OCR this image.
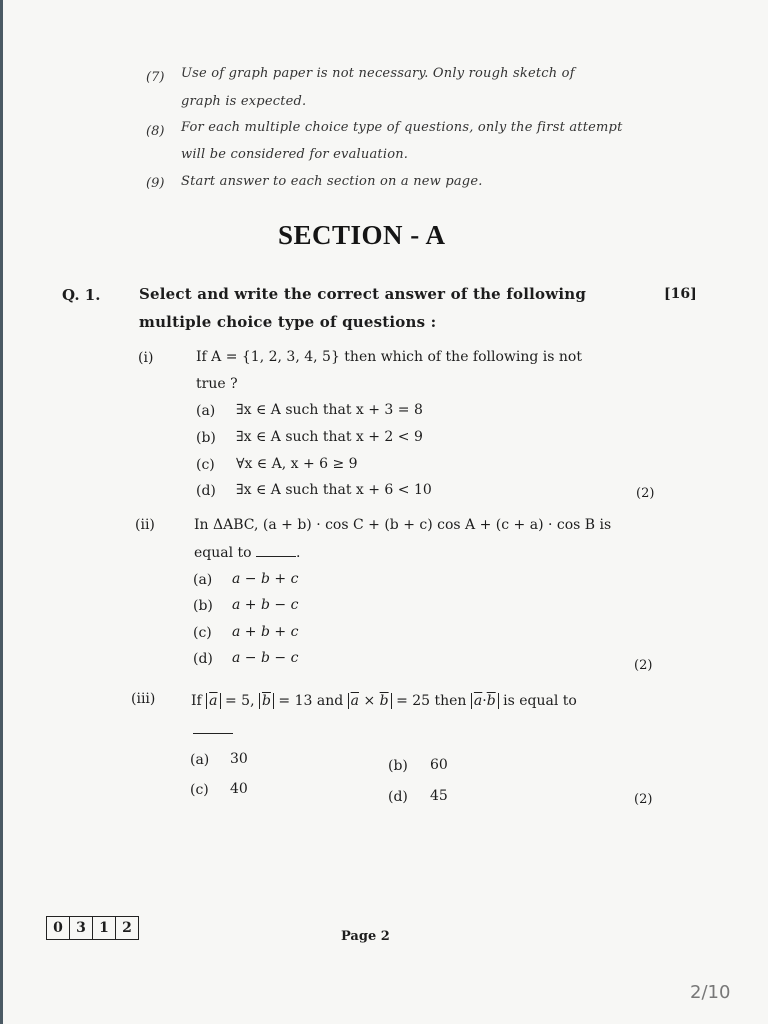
(7) Use of graph paper is not necessary. Only rough sketch of
graph is expected.
(8) For each multiple choice type of questions, only the first attempt
will be considered for evaluation.
(9) Start answer to each section on a new page.
SECTION - A
Q. 1.	Select and write the correct answer of the following
multiple choice type of questions :
[16]
(i)	If A = {1, 2, 3, 4, 5} then which of the following is not
true ?
(a) ∃x ∈ A such that x + 3 = 8
(b) ∃x ∈ A such that x + 2 < 9
(c) ∀x ∈ A, x + 6 ≥ 9
(d) ∃x ∈ A such that x + 6 < 10	(2)
(ii)	In ΔABC, (a + b) · cos C + (b + c) cos A + (c + a) · cos B is
equal to	.
(a) a − b + c
(b) a + b − c
(c) a + b + c
(d) a − b − c	(2)
(iii)	If $\overline{a} = 5$, $\overline{b} = 13$ and $\overline{a} \times \overline{b} = 25$ then $\overline{a}\cdot\overline{b}$ is equal to
(a) 30	(b) 60
(c) 40	(d) 45	(2)
0 3 1 2
Page 2
2/10
